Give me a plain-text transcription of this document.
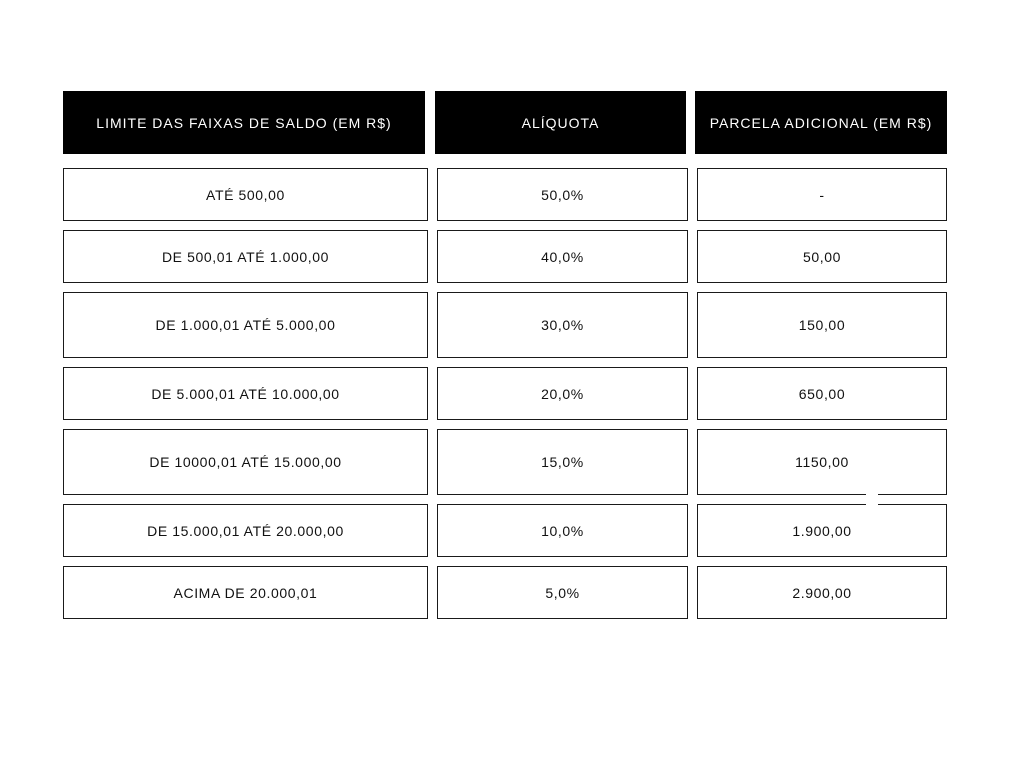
LIMITE DAS FAIXAS DE SALDO (EM R$)	ALÍQUOTA	PARCELA ADICIONAL (EM R$)
ATÉ 500,00	50,0%	-
DE 500,01 ATÉ 1.000,00	40,0%	50,00
DE 1.000,01 ATÉ 5.000,00	30,0%	150,00
DE 5.000,01 ATÉ 10.000,00	20,0%	650,00
DE 10000,01 ATÉ 15.000,00	15,0%	1150,00
DE 15.000,01 ATÉ 20.000,00	10,0%	1.900,00
ACIMA DE 20.000,01	5,0%	2.900,00
